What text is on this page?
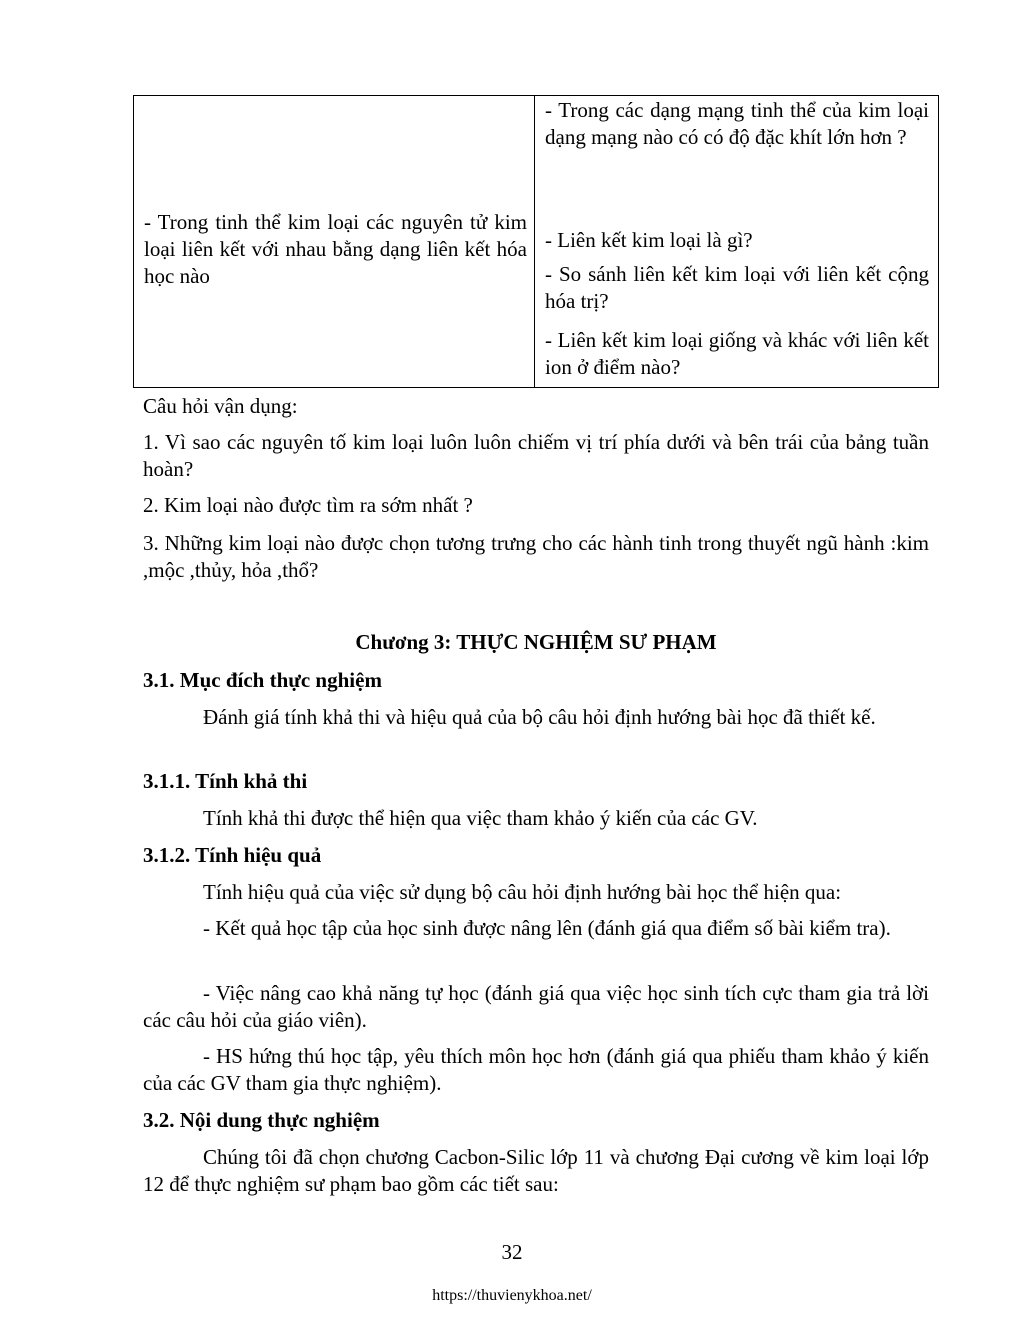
- Trong tinh thể kim loại các nguyên tử kim loại liên kết với nhau bằng dạng liên kết hóa học nào
- Trong các dạng mạng tinh thể của kim loại dạng mạng nào có có độ đặc khít lớn hơn ?
- Liên kết kim loại là gì?
- So sánh liên kết kim loại với liên kết cộng hóa trị?
- Liên kết kim loại giống và khác với liên kết ion ở điểm nào?
Câu hỏi vận dụng:
1. Vì sao các nguyên tố kim loại luôn luôn chiếm vị trí phía dưới và bên trái của bảng tuần hoàn?
2. Kim loại nào được tìm ra sớm nhất ?
3. Những kim loại nào được chọn tương trưng cho các hành tinh trong thuyết ngũ hành :kim ,mộc ,thủy, hỏa ,thổ?
Chương 3: THỰC NGHIỆM SƯ PHẠM
3.1. Mục đích thực nghiệm
Đánh giá tính khả thi và hiệu quả của bộ câu hỏi định hướng bài học đã thiết kế.
3.1.1. Tính khả thi
Tính khả thi được thể hiện qua việc tham khảo ý kiến của các GV.
3.1.2. Tính hiệu quả
Tính hiệu quả của việc sử dụng bộ câu hỏi định hướng bài học thể hiện qua:
- Kết quả học tập của học sinh được nâng lên (đánh giá qua điểm số bài kiểm tra).
- Việc nâng cao khả năng tự học (đánh giá qua việc học sinh tích cực tham gia trả lời các câu hỏi của giáo viên).
- HS hứng thú học tập, yêu thích môn học hơn (đánh giá qua phiếu tham khảo ý kiến của các GV tham gia thực nghiệm).
3.2. Nội dung thực nghiệm
Chúng tôi đã chọn chương Cacbon-Silic lớp 11 và chương Đại cương về kim loại lớp 12 để thực nghiệm sư phạm bao gồm các tiết sau:
32
https://thuvienykhoa.net/
